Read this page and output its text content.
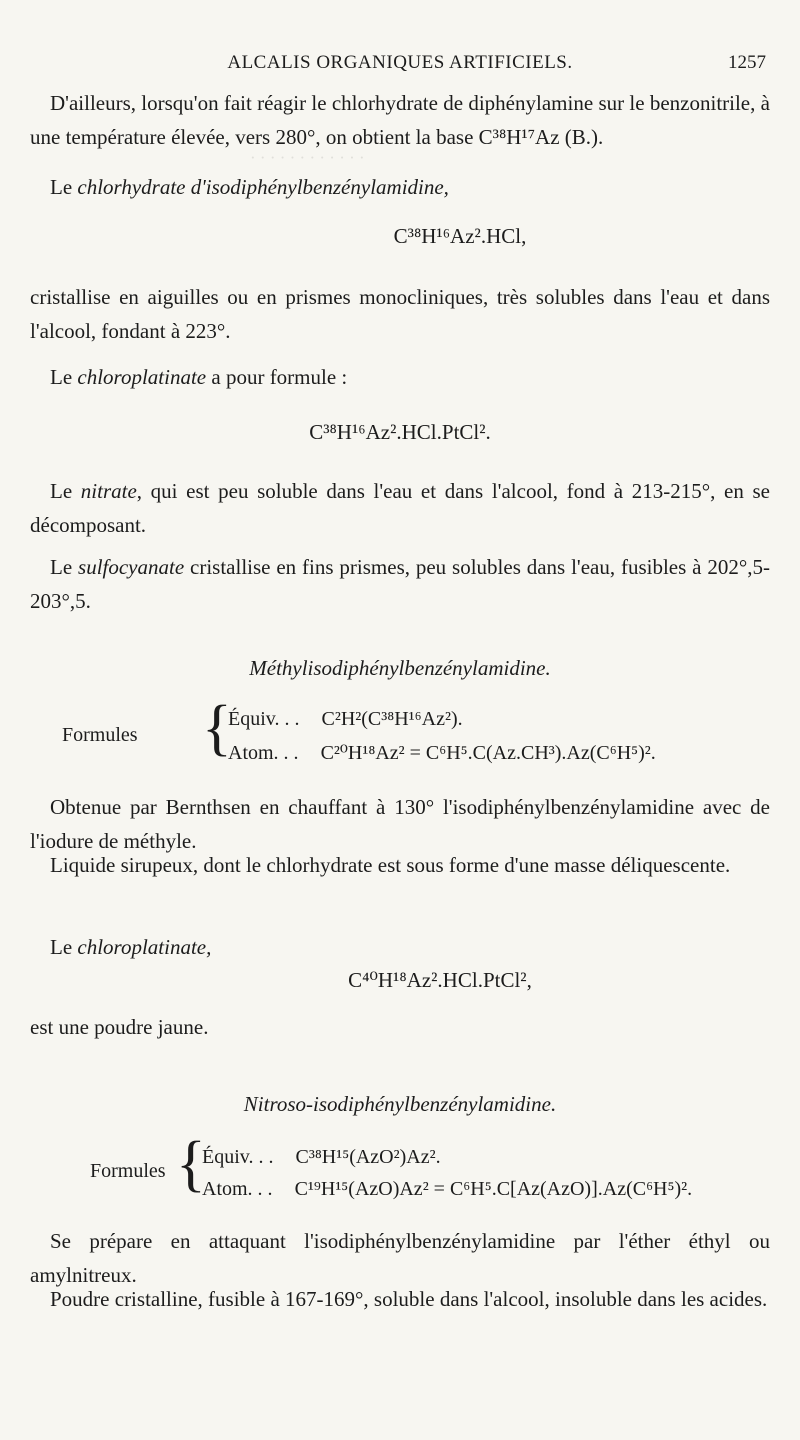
· · · · · · · · · · · ·
ALCALIS ORGANIQUES ARTIFICIELS.	1257
D'ailleurs, lorsqu'on fait réagir le chlorhydrate de diphénylamine sur le benzonitrile, à une température élevée, vers 280°, on obtient la base C³⁸H¹⁷Az (B.).
Le chlorhydrate d'isodiphénylbenzénylamidine,
C³⁸H¹⁶Az².HCl,
cristallise en aiguilles ou en prismes monocliniques, très solubles dans l'eau et dans l'alcool, fondant à 223°.
Le chloroplatinate a pour formule :
C³⁸H¹⁶Az².HCl.PtCl².
Le nitrate, qui est peu soluble dans l'eau et dans l'alcool, fond à 213-215°, en se décomposant.
Le sulfocyanate cristallise en fins prismes, peu solubles dans l'eau, fusibles à 202°,5-203°,5.
Méthylisodiphénylbenzénylamidine.
Formules {
Équiv. . . C²H²(C³⁸H¹⁶Az²).
Atom. . . C²⁰H¹⁸Az² = C⁶H⁵.C(Az.CH³).Az(C⁶H⁵)².
Obtenue par Bernthsen en chauffant à 130° l'isodiphénylbenzénylamidine avec de l'iodure de méthyle.
Liquide sirupeux, dont le chlorhydrate est sous forme d'une masse déliquescente.
Le chloroplatinate,
C⁴⁰H¹⁸Az².HCl.PtCl²,
est une poudre jaune.
Nitroso-isodiphénylbenzénylamidine.
Formules {
Équiv. . . C³⁸H¹⁵(AzO²)Az².
Atom. . . C¹⁹H¹⁵(AzO)Az² = C⁶H⁵.C[Az(AzO)].Az(C⁶H⁵)².
Se prépare en attaquant l'isodiphénylbenzénylamidine par l'éther éthyl ou amylnitreux.
Poudre cristalline, fusible à 167-169°, soluble dans l'alcool, insoluble dans les acides.
